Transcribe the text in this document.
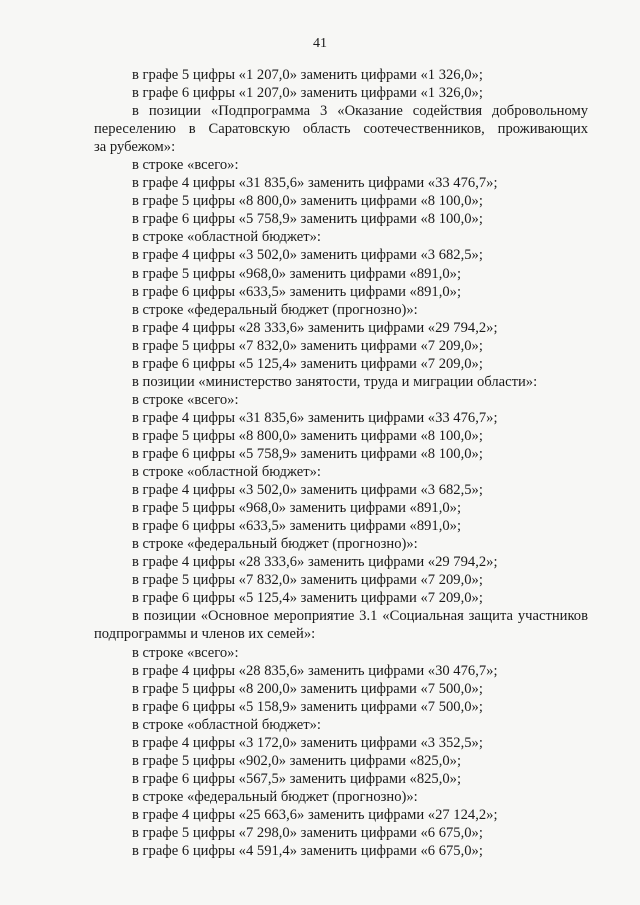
41
в графе 5 цифры «1 207,0» заменить цифрами «1 326,0»;
в графе 6 цифры «1 207,0» заменить цифрами «1 326,0»;
в позиции «Подпрограмма 3 «Оказание содействия добровольному
переселению в Саратовскую область соотечественников, проживающих
за рубежом»:
в строке «всего»:
в графе 4 цифры «31 835,6» заменить цифрами «33 476,7»;
в графе 5 цифры «8 800,0» заменить цифрами «8 100,0»;
в графе 6 цифры «5 758,9» заменить цифрами «8 100,0»;
в строке «областной бюджет»:
в графе 4 цифры «3 502,0» заменить цифрами «3 682,5»;
в графе 5 цифры «968,0» заменить цифрами «891,0»;
в графе 6 цифры «633,5» заменить цифрами «891,0»;
в строке «федеральный бюджет (прогнозно)»:
в графе 4 цифры «28 333,6» заменить цифрами «29 794,2»;
в графе 5 цифры «7 832,0» заменить цифрами «7 209,0»;
в графе 6 цифры «5 125,4» заменить цифрами «7 209,0»;
в позиции «министерство занятости, труда и миграции области»:
в строке «всего»:
в графе 4 цифры «31 835,6» заменить цифрами «33 476,7»;
в графе 5 цифры «8 800,0» заменить цифрами «8 100,0»;
в графе 6 цифры «5 758,9» заменить цифрами «8 100,0»;
в строке «областной бюджет»:
в графе 4 цифры «3 502,0» заменить цифрами «3 682,5»;
в графе 5 цифры «968,0» заменить цифрами «891,0»;
в графе 6 цифры «633,5» заменить цифрами «891,0»;
в строке «федеральный бюджет (прогнозно)»:
в графе 4 цифры «28 333,6» заменить цифрами «29 794,2»;
в графе 5 цифры «7 832,0» заменить цифрами «7 209,0»;
в графе 6 цифры «5 125,4» заменить цифрами «7 209,0»;
в позиции «Основное мероприятие 3.1 «Социальная защита участников
подпрограммы и членов их семей»:
в строке «всего»:
в графе 4 цифры «28 835,6» заменить цифрами «30 476,7»;
в графе 5 цифры «8 200,0» заменить цифрами «7 500,0»;
в графе 6 цифры «5 158,9» заменить цифрами «7 500,0»;
в строке «областной бюджет»:
в графе 4 цифры «3 172,0» заменить цифрами «3 352,5»;
в графе 5 цифры «902,0» заменить цифрами «825,0»;
в графе 6 цифры «567,5» заменить цифрами «825,0»;
в строке «федеральный бюджет (прогнозно)»:
в графе 4 цифры «25 663,6» заменить цифрами «27 124,2»;
в графе 5 цифры «7 298,0» заменить цифрами «6 675,0»;
в графе 6 цифры «4 591,4» заменить цифрами «6 675,0»;
